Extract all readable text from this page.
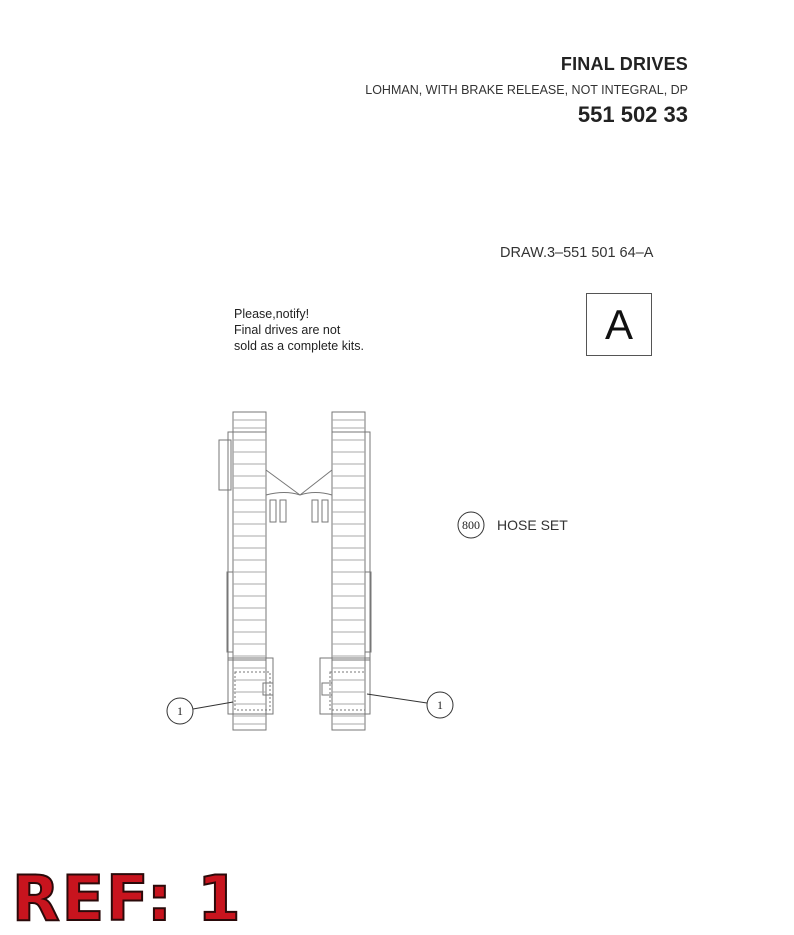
FINAL DRIVES
LOHMAN, WITH BRAKE RELEASE, NOT INTEGRAL, DP
551 502 33
DRAW.3–551 501 64–A
Please,notify!
Final drives are not
sold as a complete kits.	A
HOSE SET
800
1	1
REF: 1
